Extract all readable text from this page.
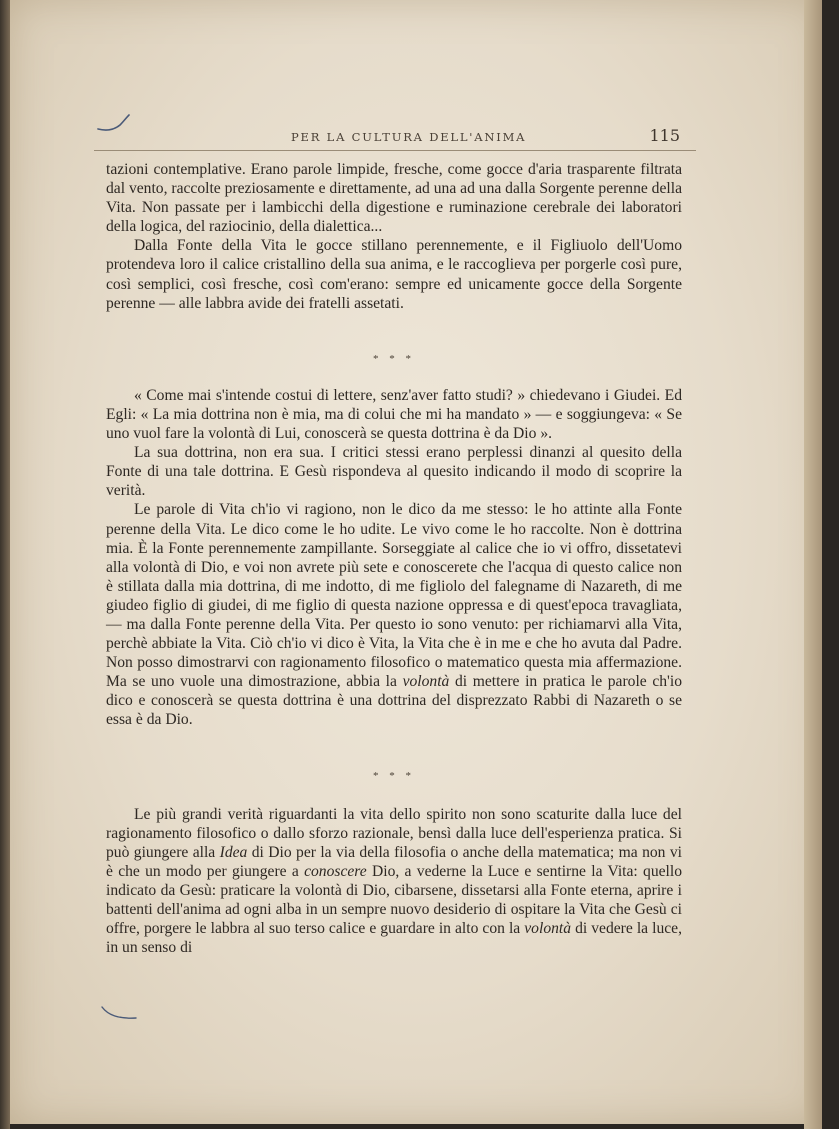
PER LA CULTURA DELL'ANIMA	115

tazioni contemplative. Erano parole limpide, fresche, come gocce d'aria trasparente filtrata dal vento, raccolte preziosamente e direttamente, ad una ad una dalla Sorgente perenne della Vita. Non passate per i lambicchi della digestione e ruminazione cerebrale dei laboratori della logica, del raziocinio, della dialettica...

Dalla Fonte della Vita le gocce stillano perennemente, e il Figliuolo dell'Uomo protendeva loro il calice cristallino della sua anima, e le raccoglieva per porgerle così pure, così semplici, così fresche, così com'erano: sempre ed unicamente gocce della Sorgente perenne — alle labbra avide dei fratelli assetati.

* * *

« Come mai s'intende costui di lettere, senz'aver fatto studi? » chiedevano i Giudei. Ed Egli: « La mia dottrina non è mia, ma di colui che mi ha mandato » — e soggiungeva: « Se uno vuol fare la volontà di Lui, conoscerà se questa dottrina è da Dio ».

La sua dottrina, non era sua. I critici stessi erano perplessi dinanzi al quesito della Fonte di una tale dottrina. E Gesù rispondeva al quesito indicando il modo di scoprire la verità.

Le parole di Vita ch'io vi ragiono, non le dico da me stesso: le ho attinte alla Fonte perenne della Vita. Le dico come le ho udite. Le vivo come le ho raccolte. Non è dottrina mia. È la Fonte perennemente zampillante. Sorseggiate al calice che io vi offro, dissetatevi alla volontà di Dio, e voi non avrete più sete e conoscerete che l'acqua di questo calice non è stillata dalla mia dottrina, di me indotto, di me figliolo del falegname di Nazareth, di me giudeo figlio di giudei, di me figlio di questa nazione oppressa e di quest'epoca travagliata, — ma dalla Fonte perenne della Vita. Per questo io sono venuto: per richiamarvi alla Vita, perchè abbiate la Vita. Ciò ch'io vi dico è Vita, la Vita che è in me e che ho avuta dal Padre. Non posso dimostrarvi con ragionamento filosofico o matematico questa mia affermazione. Ma se uno vuole una dimostrazione, abbia la volontà di mettere in pratica le parole ch'io dico e conoscerà se questa dottrina è una dottrina del disprezzato Rabbi di Nazareth o se essa è da Dio.

* * *

Le più grandi verità riguardanti la vita dello spirito non sono scaturite dalla luce del ragionamento filosofico o dallo sforzo razionale, bensì dalla luce dell'esperienza pratica. Si può giungere alla Idea di Dio per la via della filosofia o anche della matematica; ma non vi è che un modo per giungere a conoscere Dio, a vederne la Luce e sentirne la Vita: quello indicato da Gesù: praticare la volontà di Dio, cibarsene, dissetarsi alla Fonte eterna, aprire i battenti dell'anima ad ogni alba in un sempre nuovo desiderio di ospitare la Vita che Gesù ci offre, porgere le labbra al suo terso calice e guardare in alto con la volontà di vedere la luce, in un senso di
